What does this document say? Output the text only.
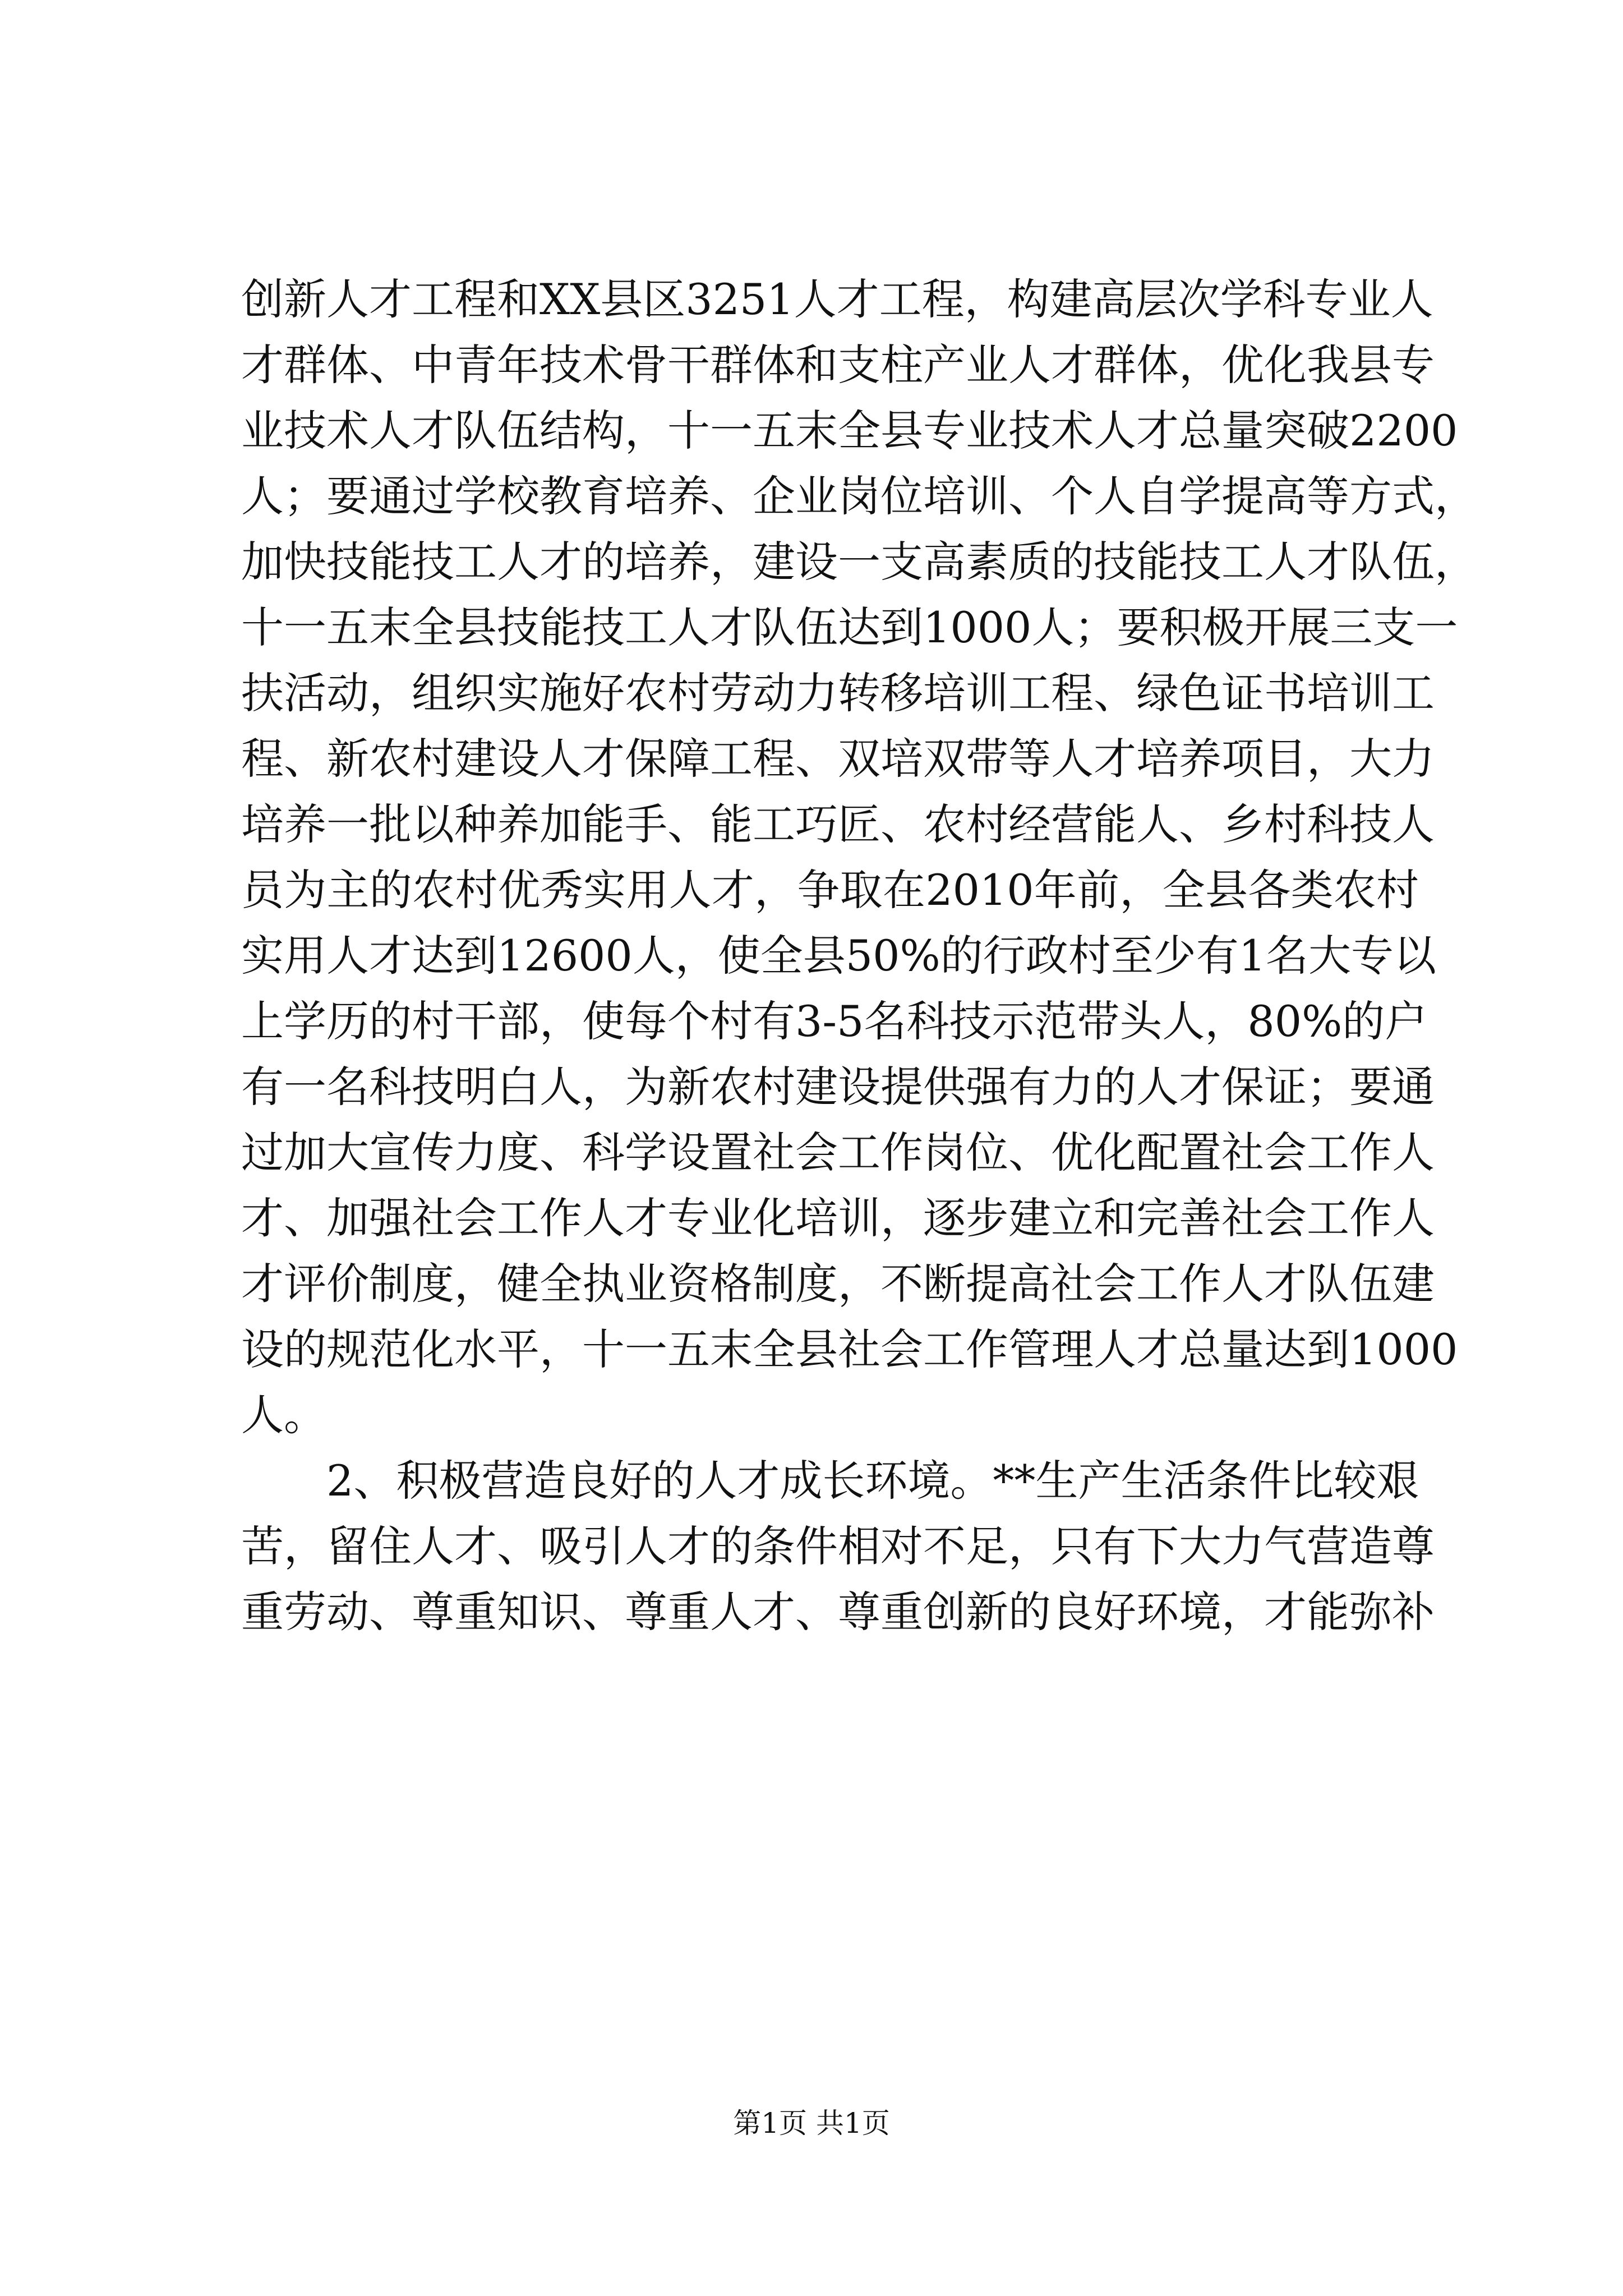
创新人才工程和XX县区3251人才工程，构建高层次学科专业人
才群体、中青年技术骨干群体和支柱产业人才群体，优化我县专
业技术人才队伍结构，十一五末全县专业技术人才总量突破2200
人；要通过学校教育培养、企业岗位培训、个人自学提高等方式，
加快技能技工人才的培养，建设一支高素质的技能技工人才队伍，
十一五末全县技能技工人才队伍达到1000人；要积极开展三支一
扶活动，组织实施好农村劳动力转移培训工程、绿色证书培训工
程、新农村建设人才保障工程、双培双带等人才培养项目，大力
培养一批以种养加能手、能工巧匠、农村经营能人、乡村科技人
员为主的农村优秀实用人才，争取在2010年前，全县各类农村
实用人才达到12600人，使全县50%的行政村至少有1名大专以
上学历的村干部，使每个村有3-5名科技示范带头人，80%的户
有一名科技明白人，为新农村建设提供强有力的人才保证；要通
过加大宣传力度、科学设置社会工作岗位、优化配置社会工作人
才、加强社会工作人才专业化培训，逐步建立和完善社会工作人
才评价制度，健全执业资格制度，不断提高社会工作人才队伍建
设的规范化水平，十一五末全县社会工作管理人才总量达到1000
人。
2、积极营造良好的人才成长环境。**生产生活条件比较艰
苦，留住人才、吸引人才的条件相对不足，只有下大力气营造尊
重劳动、尊重知识、尊重人才、尊重创新的良好环境，才能弥补
第1页 共1页
